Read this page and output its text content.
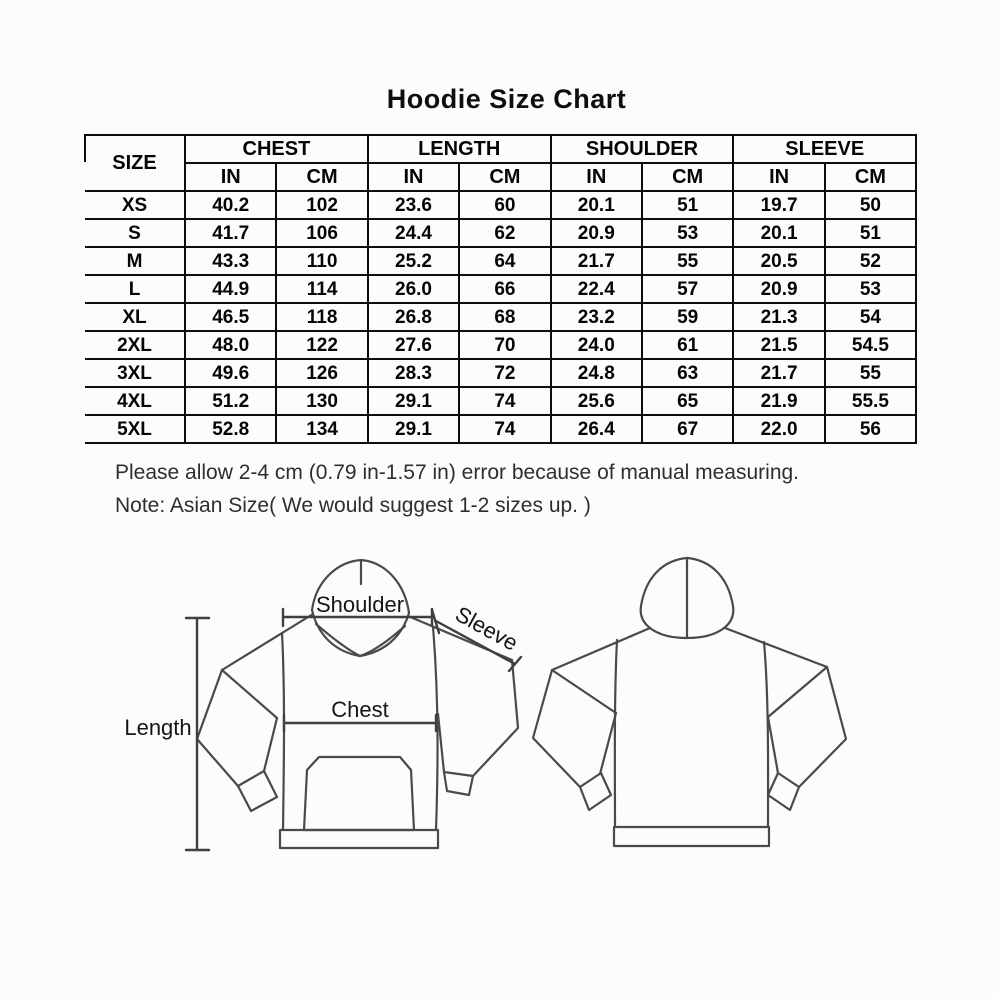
Hoodie Size Chart
SIZE	CHEST		LENGTH		SHOULDER		SLEEVE	
	IN	CM	IN	CM	IN	CM	IN	CM
XS	40.2	102	23.6	60	20.1	51	19.7	50
S	41.7	106	24.4	62	20.9	53	20.1	51
M	43.3	110	25.2	64	21.7	55	20.5	52
L	44.9	114	26.0	66	22.4	57	20.9	53
XL	46.5	118	26.8	68	23.2	59	21.3	54
2XL	48.0	122	27.6	70	24.0	61	21.5	54.5
3XL	49.6	126	28.3	72	24.8	63	21.7	55
4XL	51.2	130	29.1	74	25.6	65	21.9	55.5
5XL	52.8	134	29.1	74	26.4	67	22.0	56
Please allow 2-4 cm (0.79 in-1.57 in) error because of manual measuring.
Note: Asian Size( We would suggest 1-2 sizes up. )
Shoulder
Chest
Length
Sleeve
